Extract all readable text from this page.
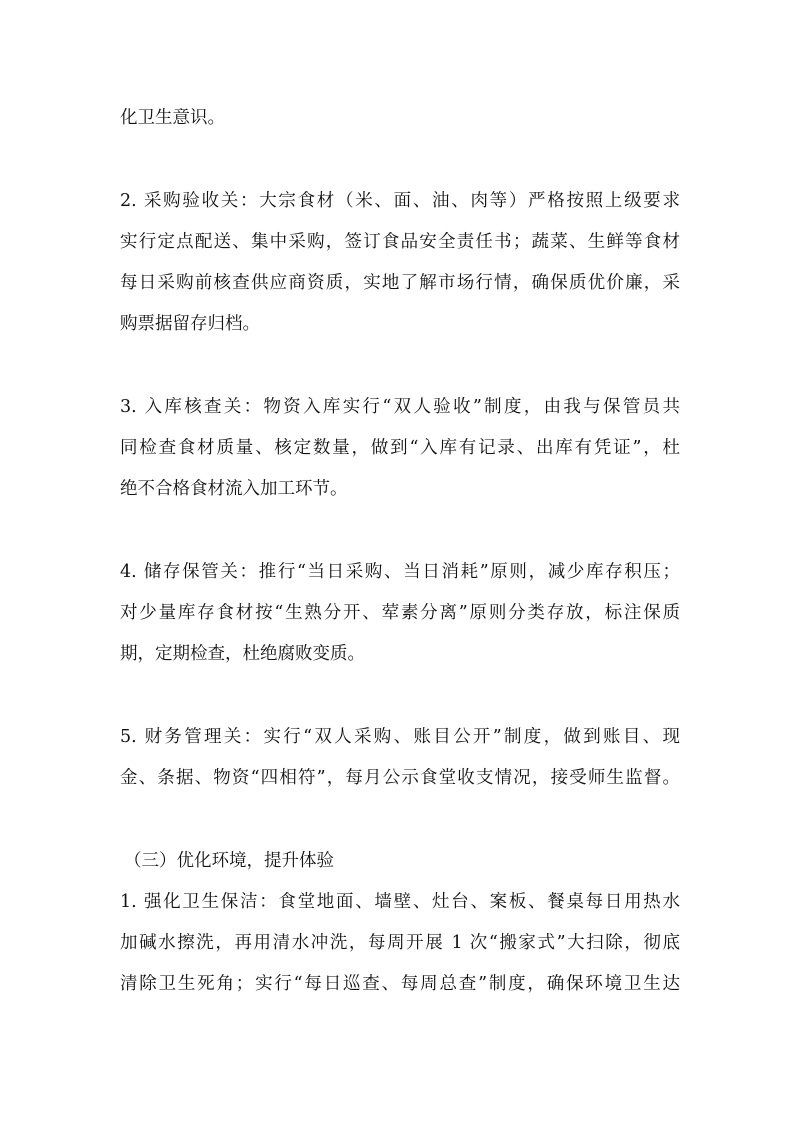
化卫生意识。

2. 采购验收关：大宗食材（米、面、油、肉等）严格按照上级要求

实行定点配送、集中采购，签订食品安全责任书；蔬菜、生鲜等食材

每日采购前核查供应商资质，实地了解市场行情，确保质优价廉，采

购票据留存归档。

3. 入库核查关：物资入库实行“双人验收”制度，由我与保管员共

同检查食材质量、核定数量，做到“入库有记录、出库有凭证”，杜

绝不合格食材流入加工环节。

4. 储存保管关：推行“当日采购、当日消耗”原则，减少库存积压；

对少量库存食材按“生熟分开、荤素分离”原则分类存放，标注保质

期，定期检查，杜绝腐败变质。

5. 财务管理关：实行“双人采购、账目公开”制度，做到账目、现

金、条据、物资“四相符”，每月公示食堂收支情况，接受师生监督。

（三）优化环境，提升体验

1. 强化卫生保洁：食堂地面、墙壁、灶台、案板、餐桌每日用热水

加碱水擦洗，再用清水冲洗，每周开展 1 次“搬家式”大扫除，彻底

清除卫生死角；实行“每日巡查、每周总查”制度，确保环境卫生达
